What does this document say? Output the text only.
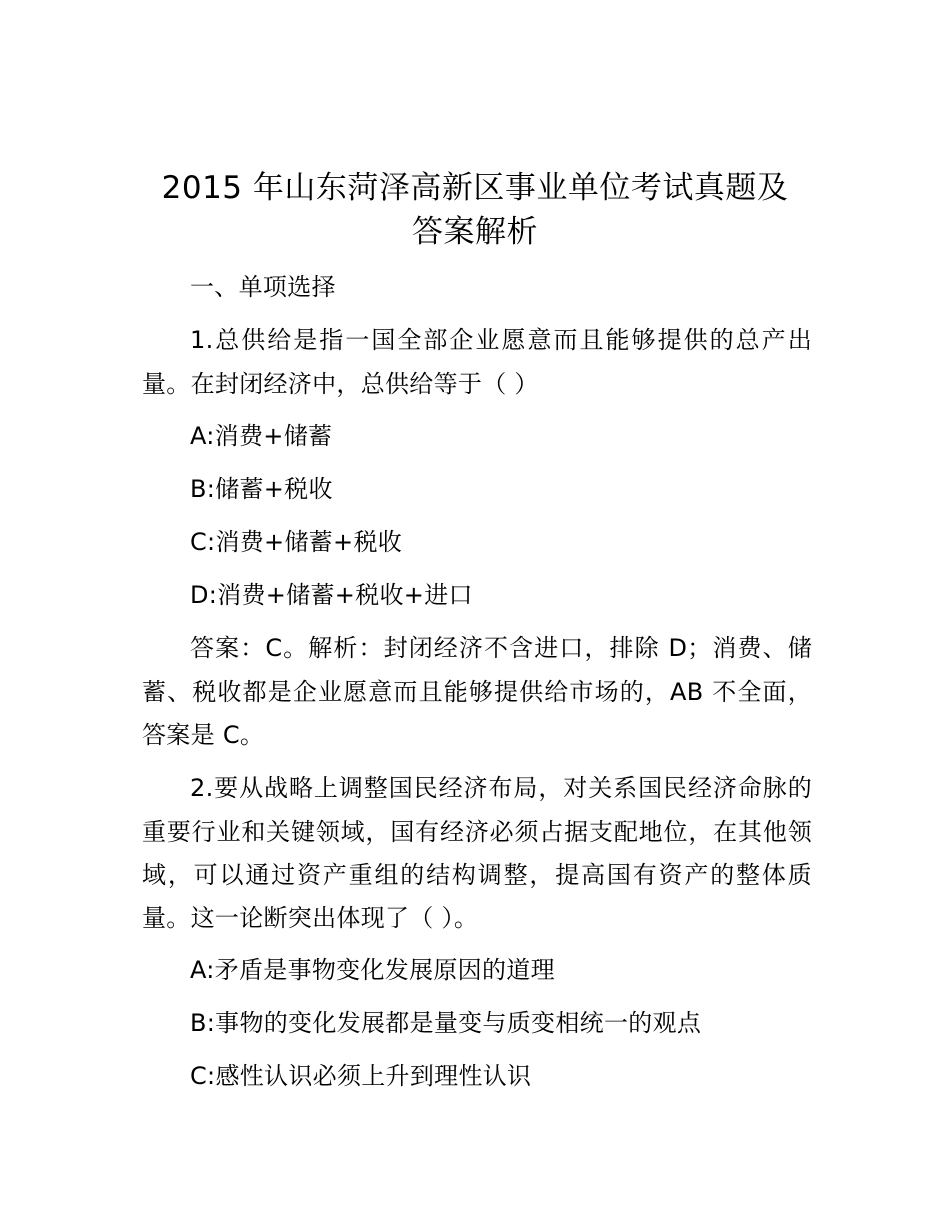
2015 年山东菏泽高新区事业单位考试真题及
答案解析
一、单项选择
1.总供给是指一国全部企业愿意而且能够提供的总产出
量。在封闭经济中，总供给等于（ ）
A:消费+储蓄
B:储蓄+税收
C:消费+储蓄+税收
D:消费+储蓄+税收+进口
答案：C。解析：封闭经济不含进口，排除 D；消费、储
蓄、税收都是企业愿意而且能够提供给市场的，AB 不全面，
答案是 C。
2.要从战略上调整国民经济布局，对关系国民经济命脉的
重要行业和关键领域，国有经济必须占据支配地位，在其他领
域，可以通过资产重组的结构调整，提高国有资产的整体质
量。这一论断突出体现了（ ）。
A:矛盾是事物变化发展原因的道理
B:事物的变化发展都是量变与质变相统一的观点
C:感性认识必须上升到理性认识
